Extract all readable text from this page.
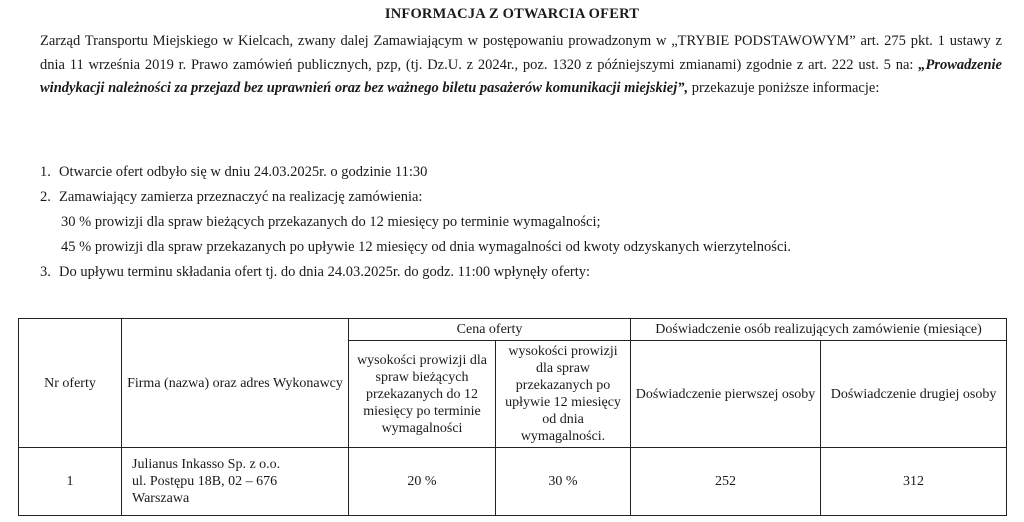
INFORMACJA Z OTWARCIA OFERT

Zarząd Transportu Miejskiego w Kielcach, zwany dalej Zamawiającym w postępowaniu prowadzonym w „TRYBIE PODSTAWOWYM” art. 275 pkt. 1 ustawy z dnia 11 września 2019 r. Prawo zamówień publicznych, pzp, (tj. Dz.U. z 2024r., poz. 1320 z późniejszymi zmianami) zgodnie z art. 222 ust. 5 na: „Prowadzenie windykacji należności za przejazd bez uprawnień oraz bez ważnego biletu pasażerów komunikacji miejskiej”, przekazuje poniższe informacje:

1. Otwarcie ofert odbyło się w dniu 24.03.2025r. o godzinie 11:30
2. Zamawiający zamierza przeznaczyć na realizację zamówienia:
30 % prowizji dla spraw bieżących przekazanych do 12 miesięcy po terminie wymagalności;
45 % prowizji dla spraw przekazanych po upływie 12 miesięcy od dnia wymagalności od kwoty odzyskanych wierzytelności.
3. Do upływu terminu składania ofert tj. do dnia 24.03.2025r. do godz. 11:00 wpłynęły oferty:
Nr oferty	Firma (nazwa) oraz adres Wykonawcy	Cena oferty		Doświadczenie osób realizujących zamówienie (miesiące)	
		wysokości prowizji dla spraw bieżących przekazanych do 12 miesięcy po terminie wymagalności	wysokości prowizji dla spraw przekazanych po upływie 12 miesięcy od dnia wymagalności.	Doświadczenie pierwszej osoby	Doświadczenie drugiej osoby
1	Julianus Inkasso Sp. z o.o.
ul. Postępu 18B, 02 – 676
Warszawa	20 %	30 %	252	312
